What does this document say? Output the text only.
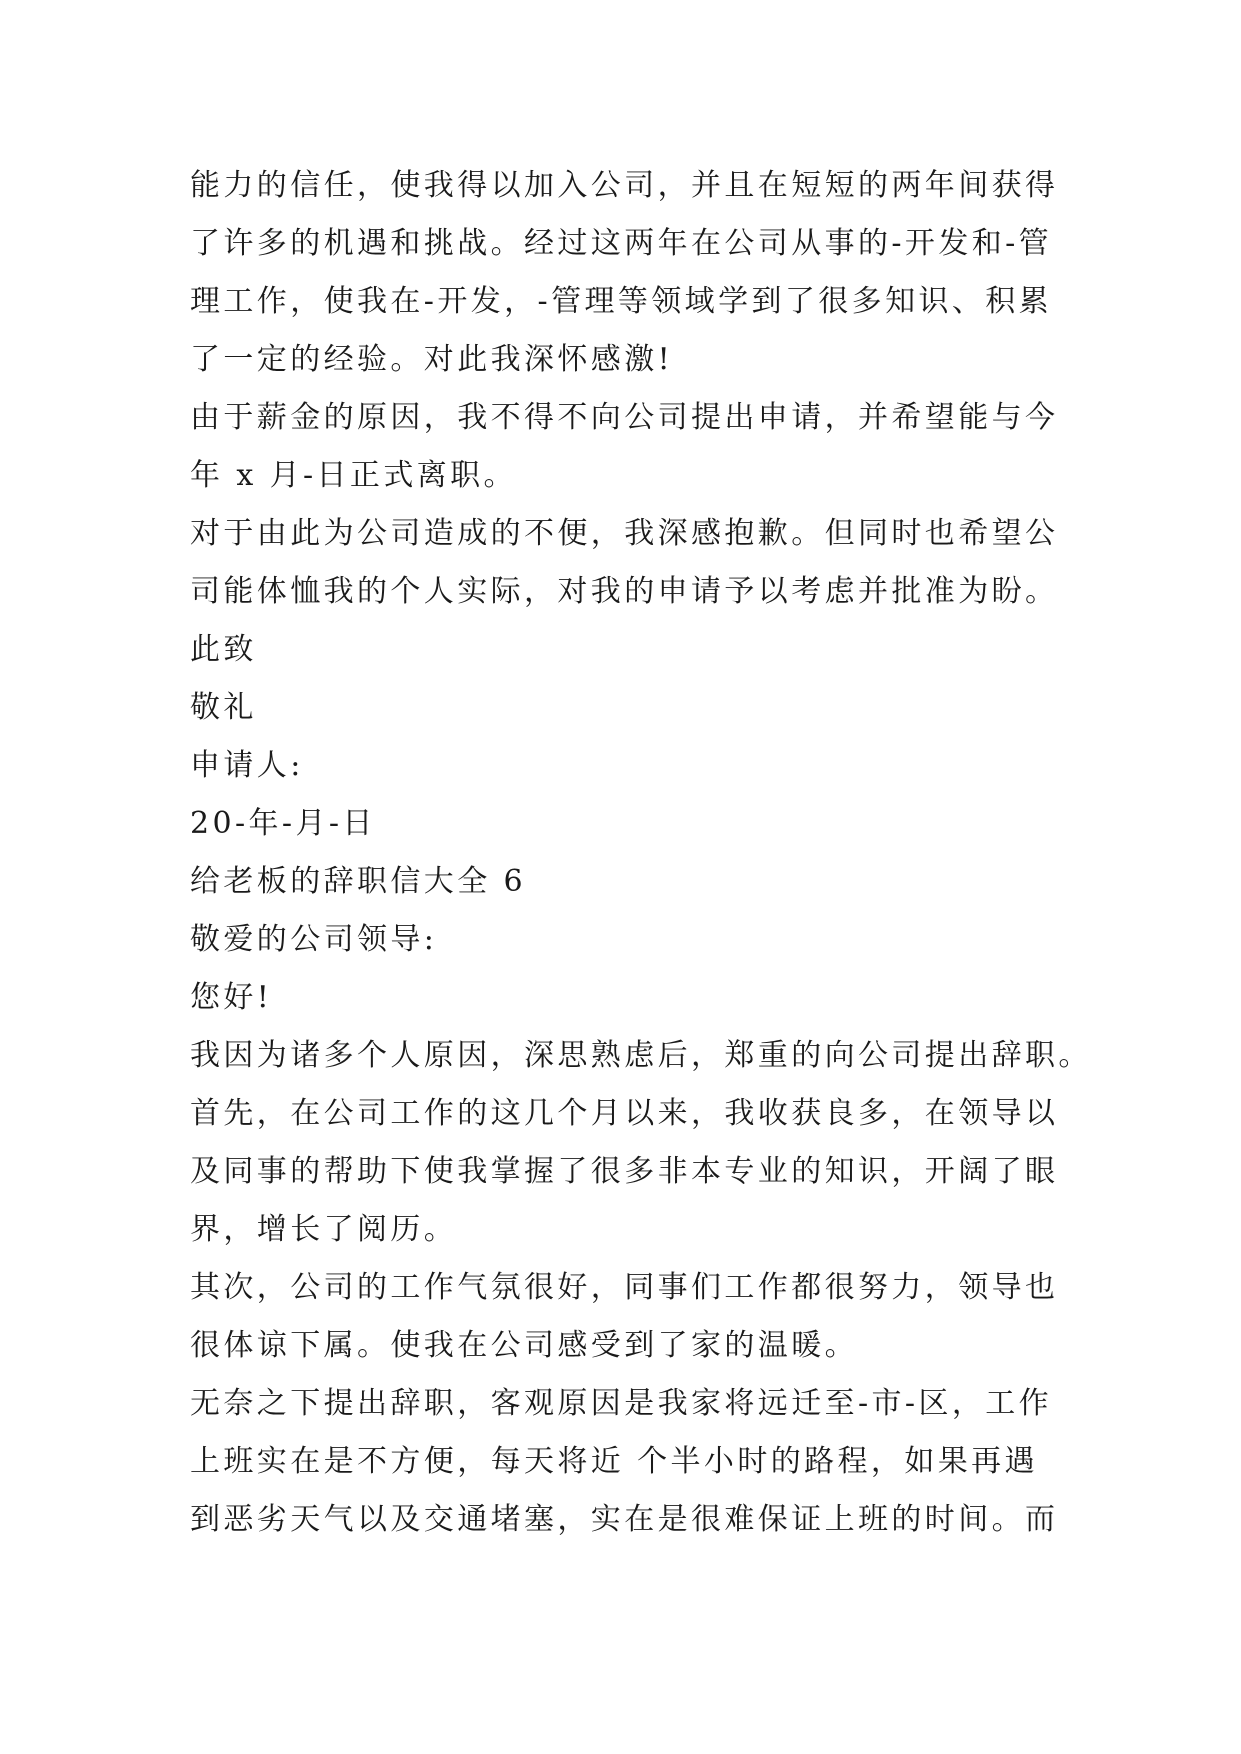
能力的信任，使我得以加入公司，并且在短短的两年间获得
了许多的机遇和挑战。经过这两年在公司从事的-开发和-管
理工作，使我在-开发，-管理等领域学到了很多知识、积累
了一定的经验。对此我深怀感激!
由于薪金的原因，我不得不向公司提出申请，并希望能与今
年 x 月-日正式离职。
对于由此为公司造成的不便，我深感抱歉。但同时也希望公
司能体恤我的个人实际，对我的申请予以考虑并批准为盼。
此致
敬礼
申请人:
20-年-月-日
给老板的辞职信大全 6
敬爱的公司领导:
您好!
我因为诸多个人原因，深思熟虑后，郑重的向公司提出辞职。
首先，在公司工作的这几个月以来，我收获良多，在领导以
及同事的帮助下使我掌握了很多非本专业的知识，开阔了眼
界，增长了阅历。
其次，公司的工作气氛很好，同事们工作都很努力，领导也
很体谅下属。使我在公司感受到了家的温暖。
无奈之下提出辞职，客观原因是我家将远迁至-市-区，工作
上班实在是不方便，每天将近 个半小时的路程，如果再遇
到恶劣天气以及交通堵塞，实在是很难保证上班的时间。而
